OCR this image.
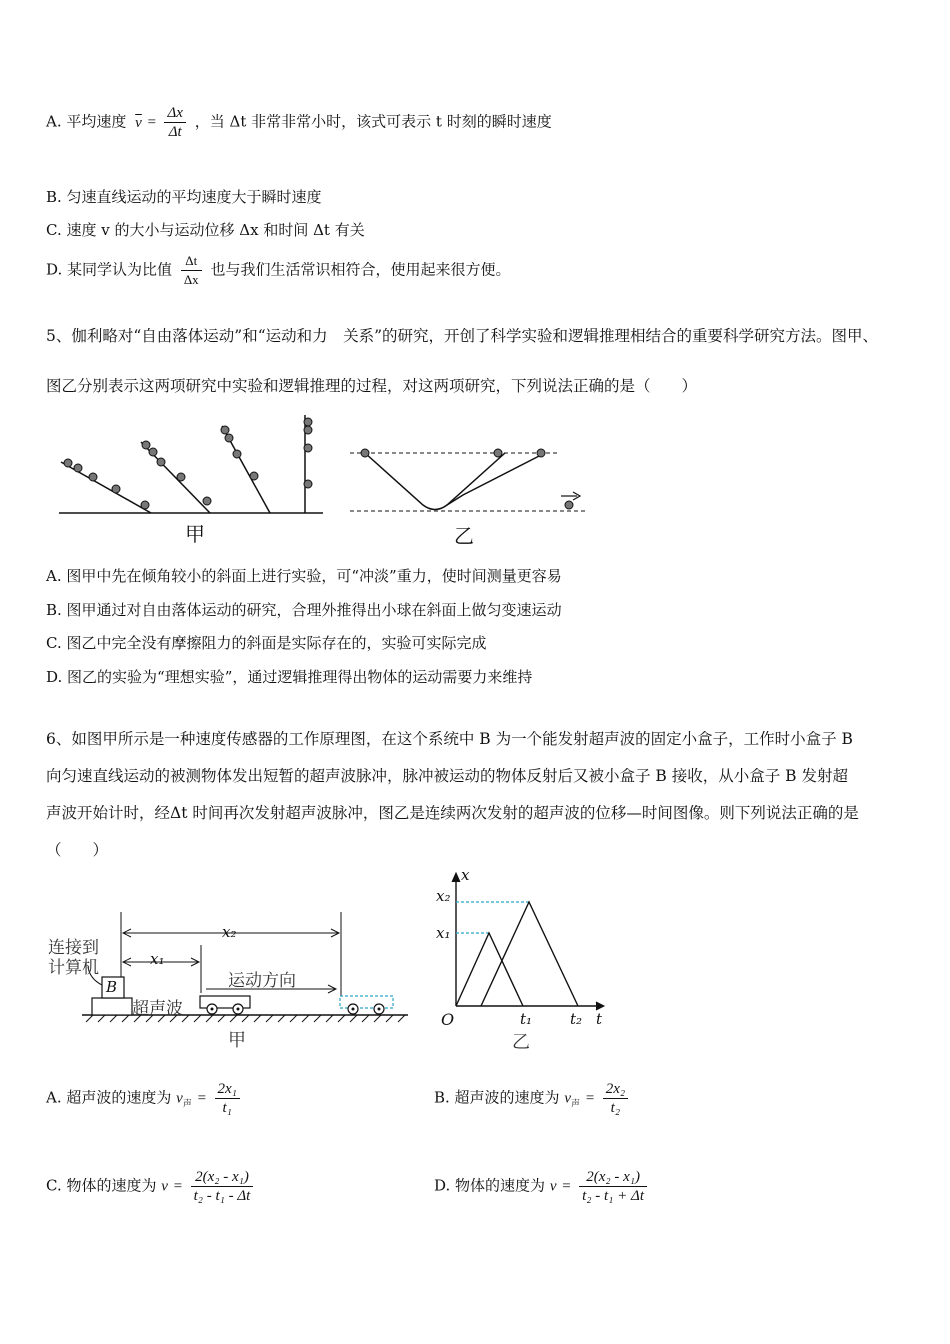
A. 平均速度 $\overline{v} = \frac{\Delta x}{\Delta t}$ ，当 Δt 非常非常小时，该式可表示 t 时刻的瞬时速度
B. 匀速直线运动的平均速度大于瞬时速度
C. 速度 v 的大小与运动位移 Δx 和时间 Δt 有关
D. 某同学认为比值 $\frac{\Delta t}{\Delta x}$ 也与我们生活常识相符合，使用起来很方便。
5、伽利略对“自由落体运动”和“运动和力　关系”的研究，开创了科学实验和逻辑推理相结合的重要科学研究方法。图甲、
图乙分别表示这两项研究中实验和逻辑推理的过程，对这两项研究，下列说法正确的是（　　）
甲	乙
A. 图甲中先在倾角较小的斜面上进行实验，可“冲淡”重力，使时间测量更容易
B. 图甲通过对自由落体运动的研究，合理外推得出小球在斜面上做匀变速运动
C. 图乙中完全没有摩擦阻力的斜面是实际存在的，实验可实际完成
D. 图乙的实验为“理想实验”，通过逻辑推理得出物体的运动需要力来维持
6、如图甲所示是一种速度传感器的工作原理图，在这个系统中 B 为一个能发射超声波的固定小盒子，工作时小盒子 B
向匀速直线运动的被测物体发出短暂的超声波脉冲，脉冲被运动的物体反射后又被小盒子 B 接收，从小盒子 B 发射超
声波开始计时，经Δt 时间再次发射超声波脉冲，图乙是连续两次发射的超声波的位移—时间图像。则下列说法正确的是
（　　）
连接到
计算机
B
超声波
x₁
x₂
运动方向
甲
x
x₂
x₁
O	t₁	t₂ t
乙
A. 超声波的速度为 $v_声 = \frac{\text{2x₁}}{\text{t₁}}$	B. 超声波的速度为 $v_声 = \frac{\text{2x₂}}{\text{t₂}}$
C. 物体的速度为 $v = \frac{\text{2(x₂ - x₁)}}{\text{t₂ - t₁ - Δt}}$	D. 物体的速度为 $v = \frac{\text{2(x₂ - x₁)}}{\text{t₂ - t₁ + Δt}}$
